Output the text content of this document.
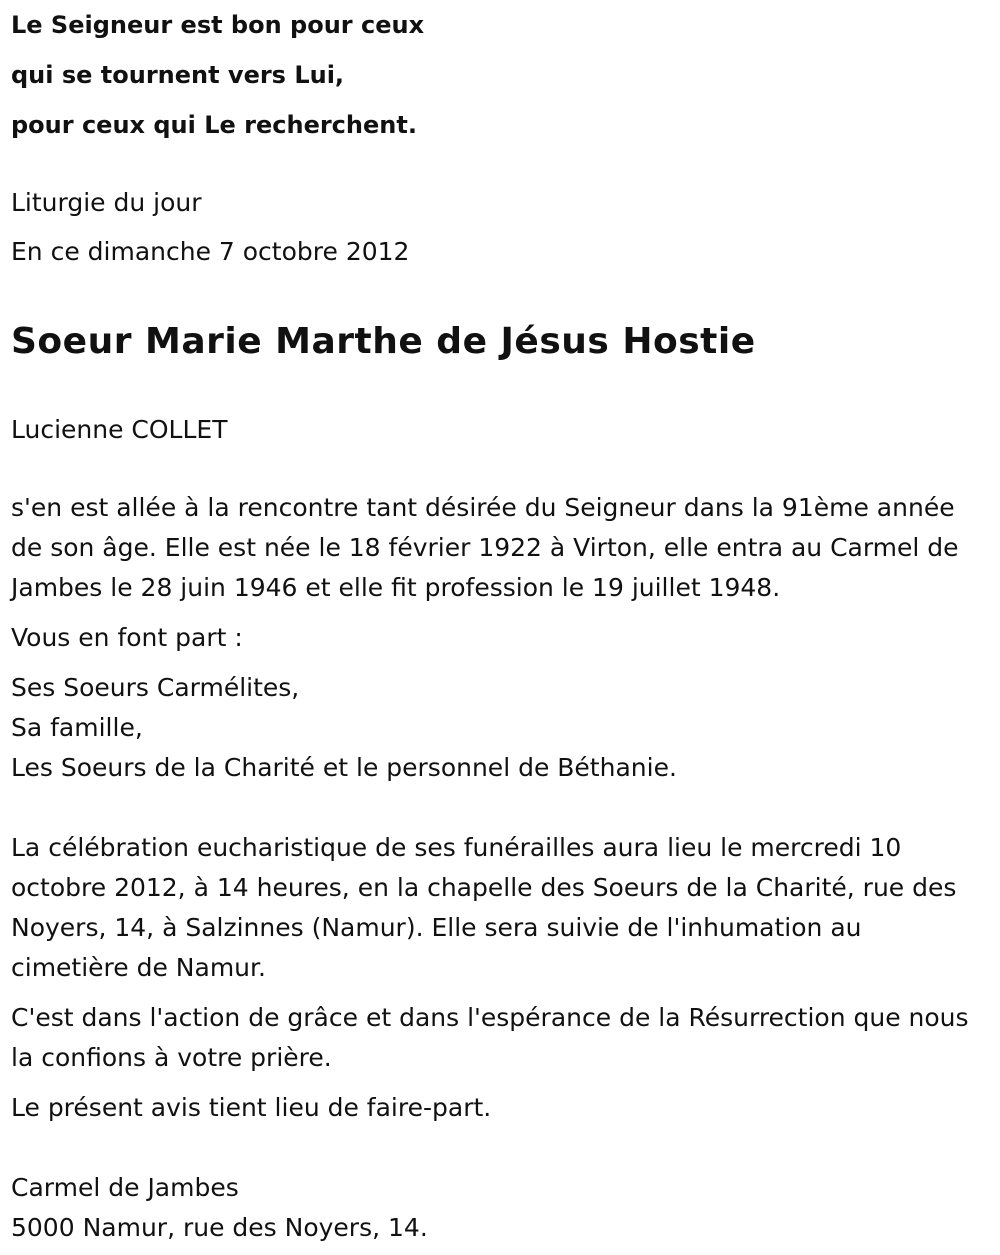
Le Seigneur est bon pour ceux

qui se tournent vers Lui,

pour ceux qui Le recherchent.

Liturgie du jour

En ce dimanche 7 octobre 2012

Soeur Marie Marthe de Jésus Hostie

Lucienne COLLET

s'en est allée à la rencontre tant désirée du Seigneur dans la 91ème année de son âge. Elle est née le 18 février 1922 à Virton, elle entra au Carmel de Jambes le 28 juin 1946 et elle fit profession le 19 juillet 1948.

Vous en font part :

Ses Soeurs Carmélites,

Sa famille,

Les Soeurs de la Charité et le personnel de Béthanie.

La célébration eucharistique de ses funérailles aura lieu le mercredi 10 octobre 2012, à 14 heures, en la chapelle des Soeurs de la Charité, rue des Noyers, 14, à Salzinnes (Namur). Elle sera suivie de l'inhumation au cimetière de Namur.

C'est dans l'action de grâce et dans l'espérance de la Résurrection que nous la confions à votre prière.

Le présent avis tient lieu de faire-part.

Carmel de Jambes

5000 Namur, rue des Noyers, 14.
